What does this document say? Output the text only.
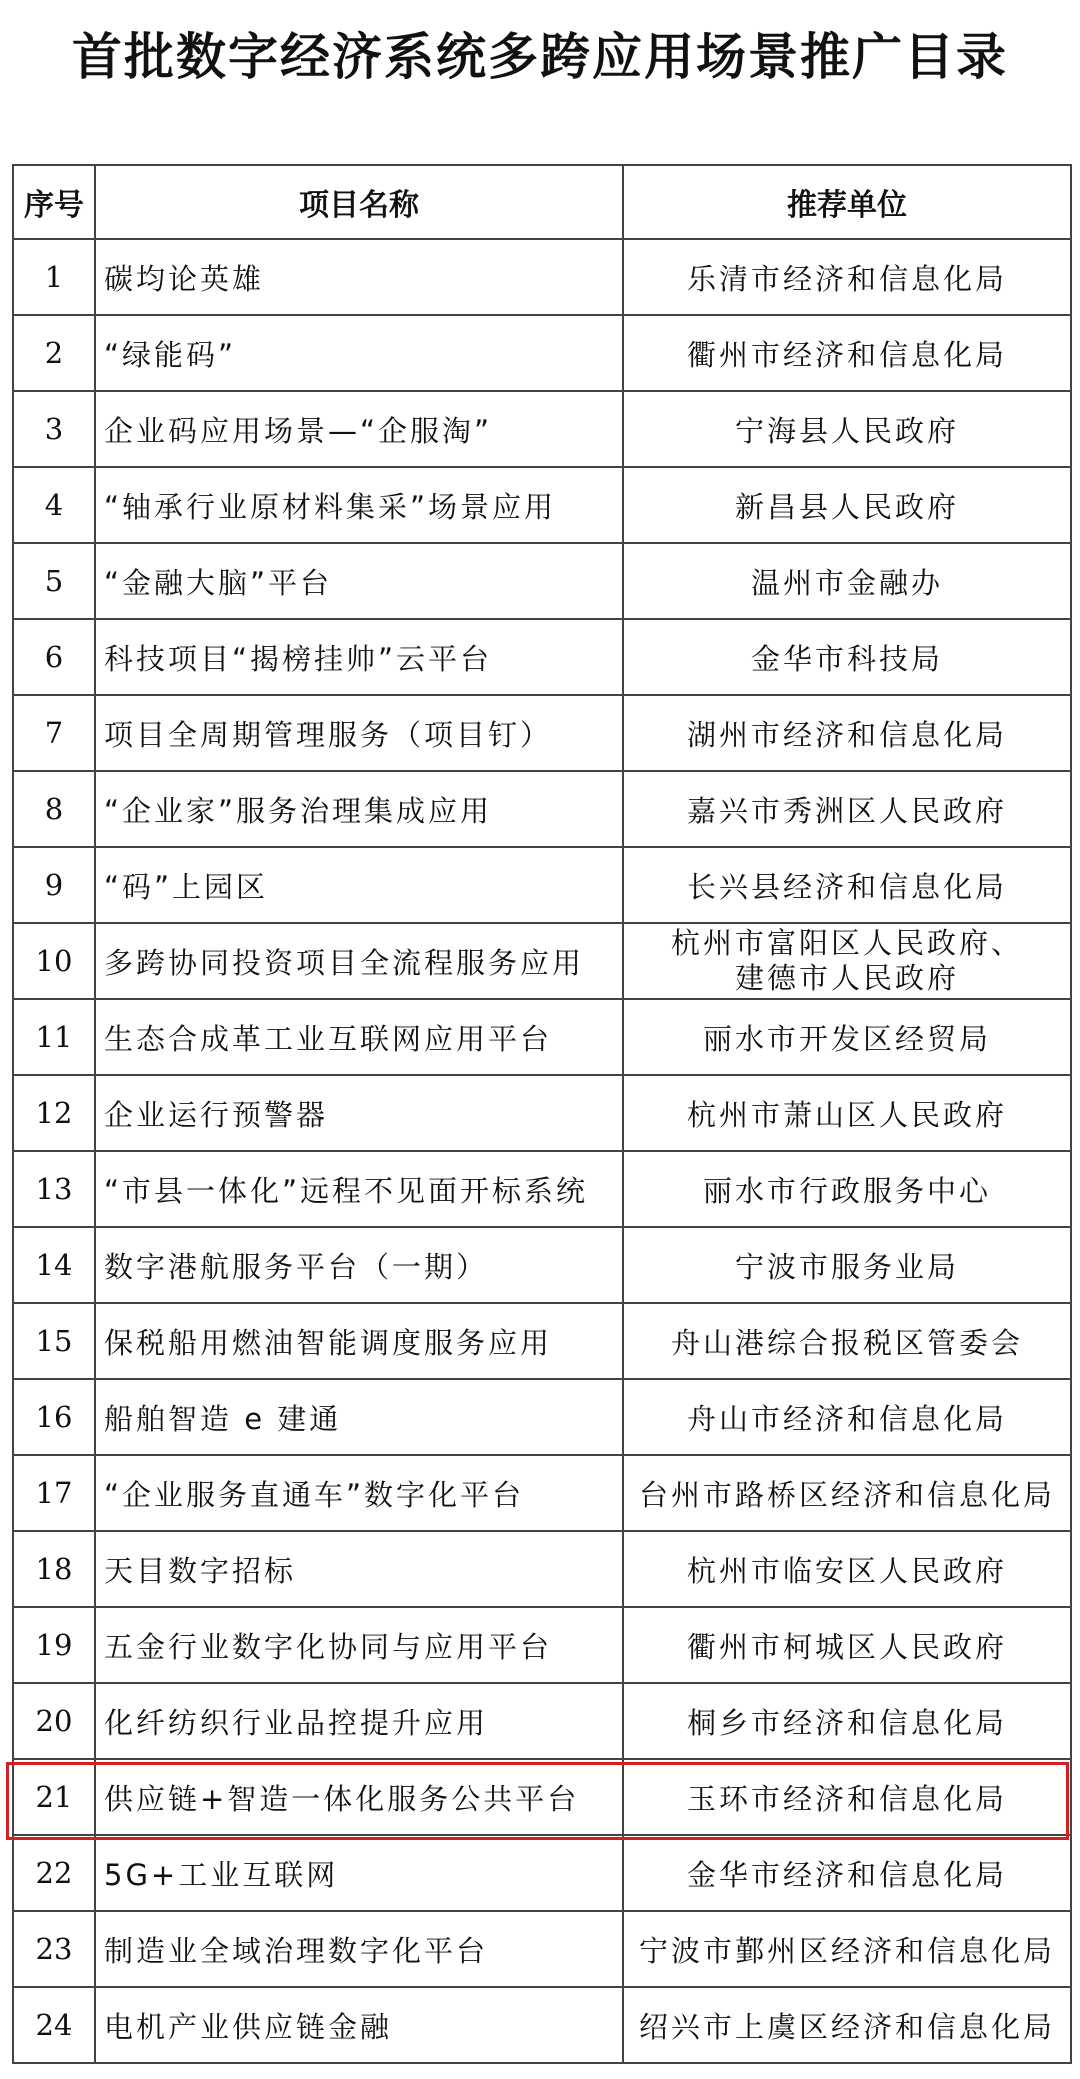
首批数字经济系统多跨应用场景推广目录
序号	项目名称	推荐单位
1	碳均论英雄	乐清市经济和信息化局
2	“绿能码”	衢州市经济和信息化局
3	企业码应用场景—“企服淘”	宁海县人民政府
4	“轴承行业原材料集采”场景应用	新昌县人民政府
5	“金融大脑”平台	温州市金融办
6	科技项目“揭榜挂帅”云平台	金华市科技局
7	项目全周期管理服务（项目钉）	湖州市经济和信息化局
8	“企业家”服务治理集成应用	嘉兴市秀洲区人民政府
9	“码”上园区	长兴县经济和信息化局
10	多跨协同投资项目全流程服务应用	杭州市富阳区人民政府、
建德市人民政府

11	生态合成革工业互联网应用平台	丽水市开发区经贸局
12	企业运行预警器	杭州市萧山区人民政府
13	“市县一体化”远程不见面开标系统	丽水市行政服务中心
14	数字港航服务平台（一期）	宁波市服务业局
15	保税船用燃油智能调度服务应用	舟山港综合报税区管委会
16	船舶智造 e 建通	舟山市经济和信息化局
17	“企业服务直通车”数字化平台	台州市路桥区经济和信息化局
18	天目数字招标	杭州市临安区人民政府
19	五金行业数字化协同与应用平台	衢州市柯城区人民政府
20	化纤纺织行业品控提升应用	桐乡市经济和信息化局
21	供应链+智造一体化服务公共平台	玉环市经济和信息化局
22	5G+工业互联网	金华市经济和信息化局
23	制造业全域治理数字化平台	宁波市鄞州区经济和信息化局
24	电机产业供应链金融	绍兴市上虞区经济和信息化局
